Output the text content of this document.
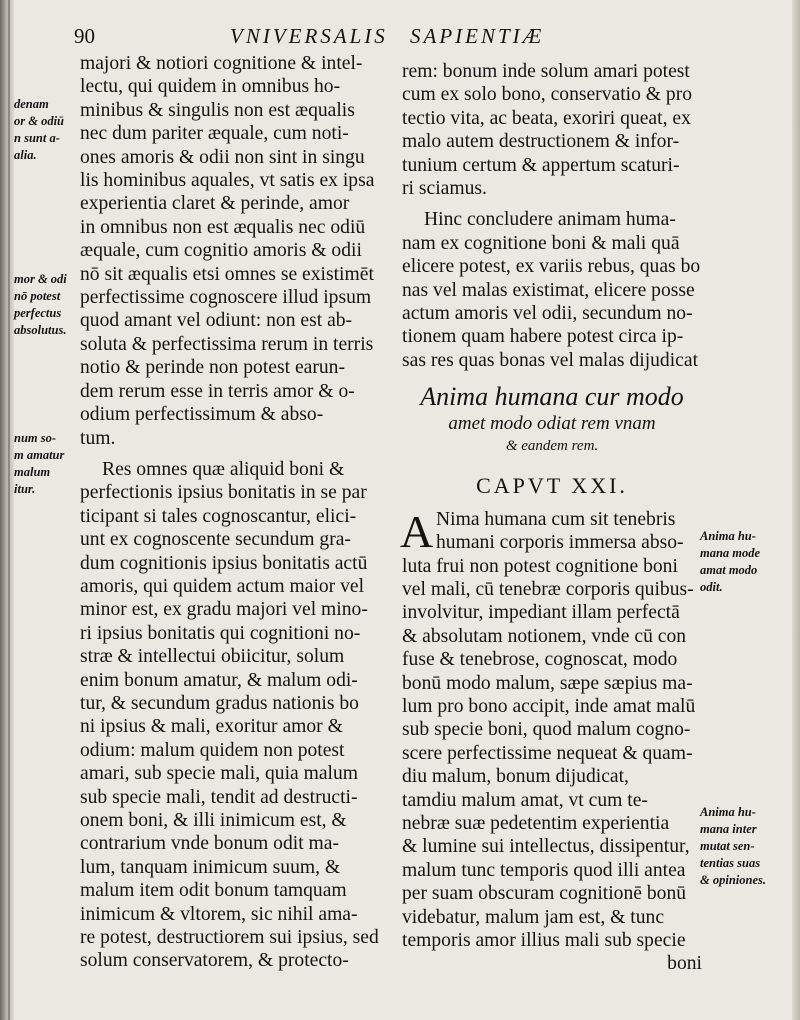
90	VNIVERSALIS SAPIENTIÆ
denam
or & odiū
n sunt a-
alia.
mor & odi
nō potest
perfectus
absolutus.
num so-
m amatur
malum
itur.

majori & notiori cognitione & intel-
lectu, qui quidem in omnibus ho-
minibus & singulis non est æqualis
nec dum pariter æquale, cum noti-
ones amoris & odii non sint in singu
lis hominibus aquales, vt satis ex ipsa
experientia claret & perinde, amor
in omnibus non est æqualis nec odiū
æquale, cum cognitio amoris & odii
nō sit æqualis etsi omnes se existimēt
perfectissime cognoscere illud ipsum
quod amant vel odiunt: non est ab-
soluta & perfectissima rerum in terris
notio & perinde non potest earun-
dem rerum esse in terris amor & o-
odium perfectissimum & abso-
tum.

Res omnes quæ aliquid boni &
perfectionis ipsius bonitatis in se par
ticipant si tales cognoscantur, elici-
unt ex cognoscente secundum gra-
dum cognitionis ipsius bonitatis actū
amoris, qui quidem actum maior vel
minor est, ex gradu majori vel mino-
ri ipsius bonitatis qui cognitioni no-
stræ & intellectui obiicitur, solum
enim bonum amatur, & malum odi-
tur, & secundum gradus nationis bo
ni ipsius & mali, exoritur amor &
odium: malum quidem non potest
amari, sub specie mali, quia malum
sub specie mali, tendit ad destructi-
onem boni, & illi inimicum est, &
contrarium vnde bonum odit ma-
lum, tanquam inimicum suum, &
malum item odit bonum tamquam
inimicum & vltorem, sic nihil ama-
re potest, destructiorem sui ipsius, sed
solum conservatorem, & protecto-

rem: bonum inde solum amari potest
cum ex solo bono, conservatio & pro
tectio vita, ac beata, exoriri queat, ex
malo autem destructionem & infor-
tunium certum & appertum scaturi-
ri sciamus.

Hinc concludere animam huma-
nam ex cognitione boni & mali quā
elicere potest, ex variis rebus, quas bo
nas vel malas existimat, elicere posse
actum amoris vel odii, secundum no-
tionem quam habere potest circa ip-
sas res quas bonas vel malas dijudicat

Anima humana cur modo
amet modo odiat rem vnam
& eandem rem.
CAPVT XXI.
A Nima humana cum sit tenebris
humani corporis immersa abso-
luta frui non potest cognitione boni
vel mali, cū tenebræ corporis quibus-
involvitur, impediant illam perfectā
& absolutam notionem, vnde cū con
fuse & tenebrose, cognoscat, modo
bonū modo malum, sæpe sæpius ma-
lum pro bono accipit, inde amat malū
sub specie boni, quod malum cogno-
scere perfectissime nequeat & quam-
diu malum, bonum dijudicat,
tamdiu malum amat, vt cum te-
nebræ suæ pedetentim experientia
& lumine sui intellectus, dissipentur,
malum tunc temporis quod illi antea
per suam obscuram cognitionē bonū
videbatur, malum jam est, & tunc
temporis amor illius mali sub specie
boni

Anima hu-
mana mode
amat modo
odit.
Anima hu-
mana inter
mutat sen-
tentias suas
& opiniones.
